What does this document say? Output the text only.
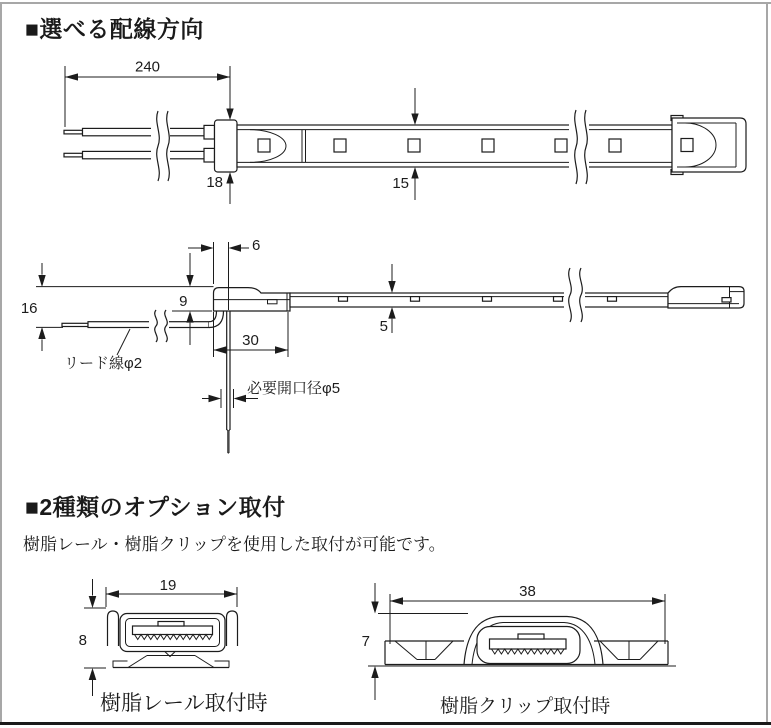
■選べる配線方向
■2種類のオプション取付
樹脂レール・樹脂クリップを使用した取付が可能です。
樹脂レール取付時	樹脂クリップ取付時
240
18	15
16
6
9
30
5
リード線φ2
必要開口径φ5
19
8
38
7
